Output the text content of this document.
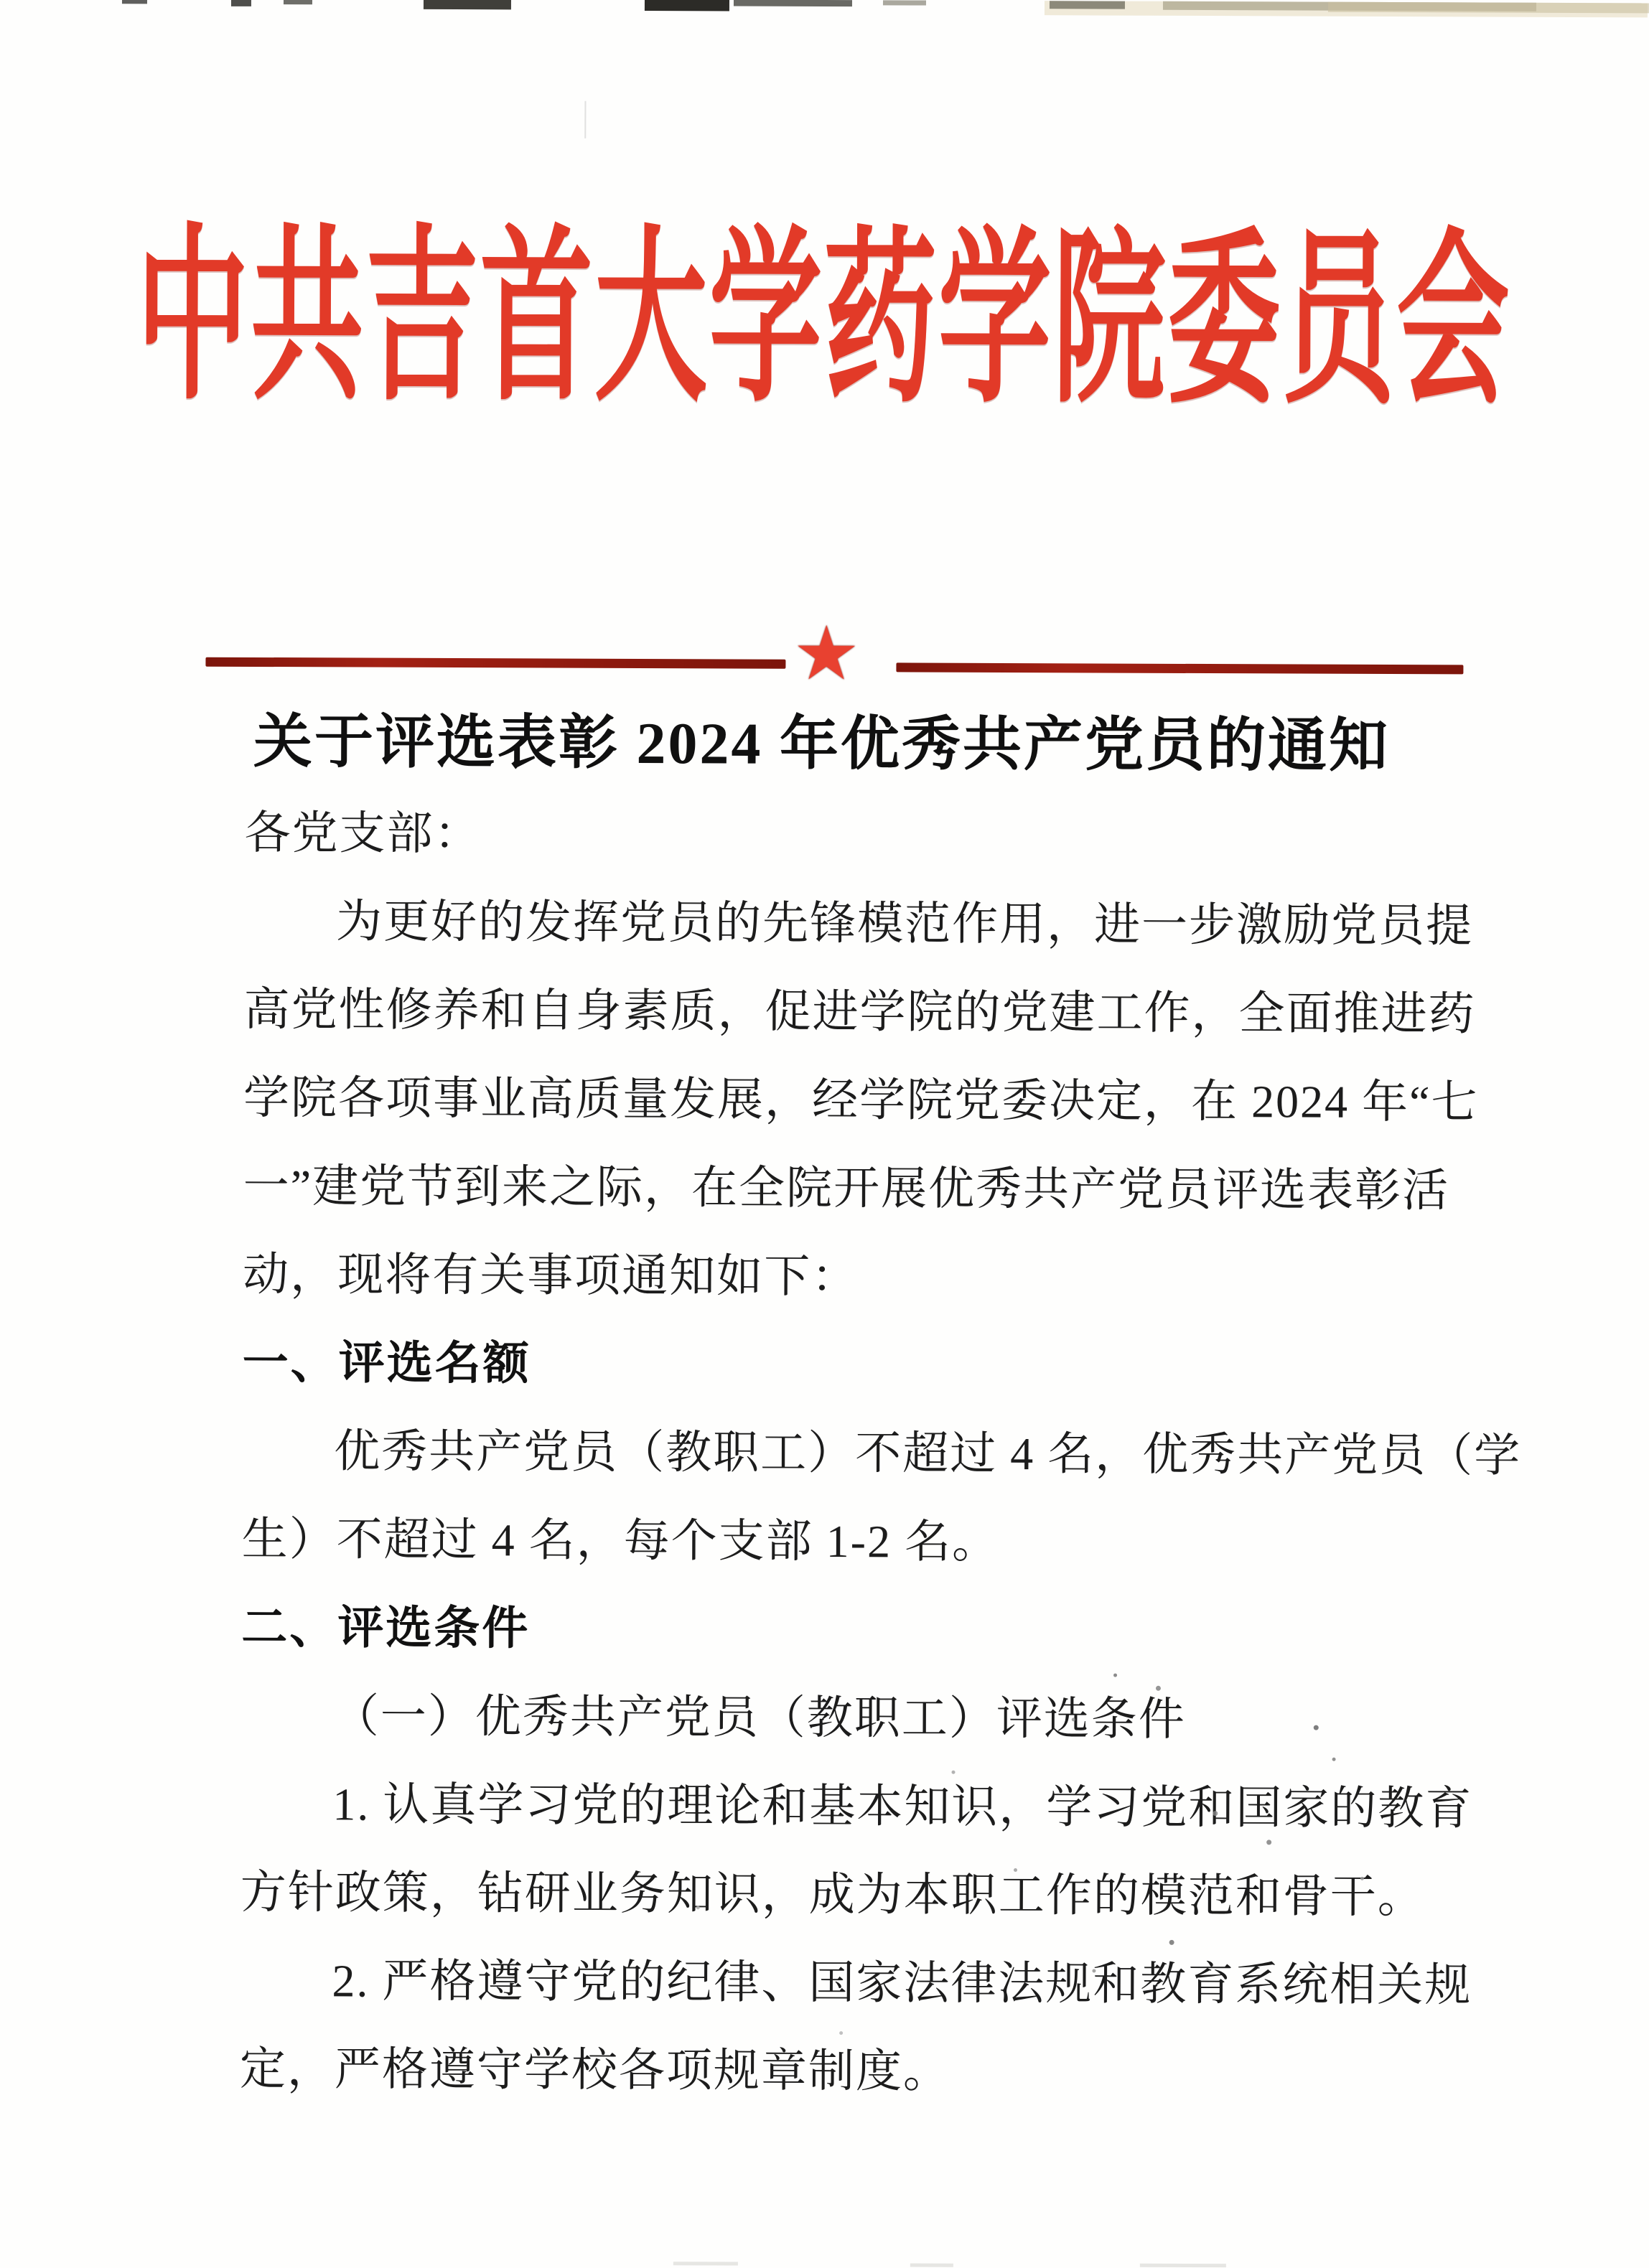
中共吉首大学药学院委员会
★
关于评选表彰 2024 年优秀共产党员的通知
各党支部：
为更好的发挥党员的先锋模范作用，进一步激励党员提
高党性修养和自身素质，促进学院的党建工作，全面推进药
学院各项事业高质量发展，经学院党委决定，在 2024 年“七
一”建党节到来之际，在全院开展优秀共产党员评选表彰活
动，现将有关事项通知如下：
一、评选名额
优秀共产党员（教职工）不超过 4 名，优秀共产党员（学
生）不超过 4 名，每个支部 1-2 名。
二、评选条件
（一）优秀共产党员（教职工）评选条件
1. 认真学习党的理论和基本知识，学习党和国家的教育
方针政策，钻研业务知识，成为本职工作的模范和骨干。
2. 严格遵守党的纪律、国家法律法规和教育系统相关规
定，严格遵守学校各项规章制度。
